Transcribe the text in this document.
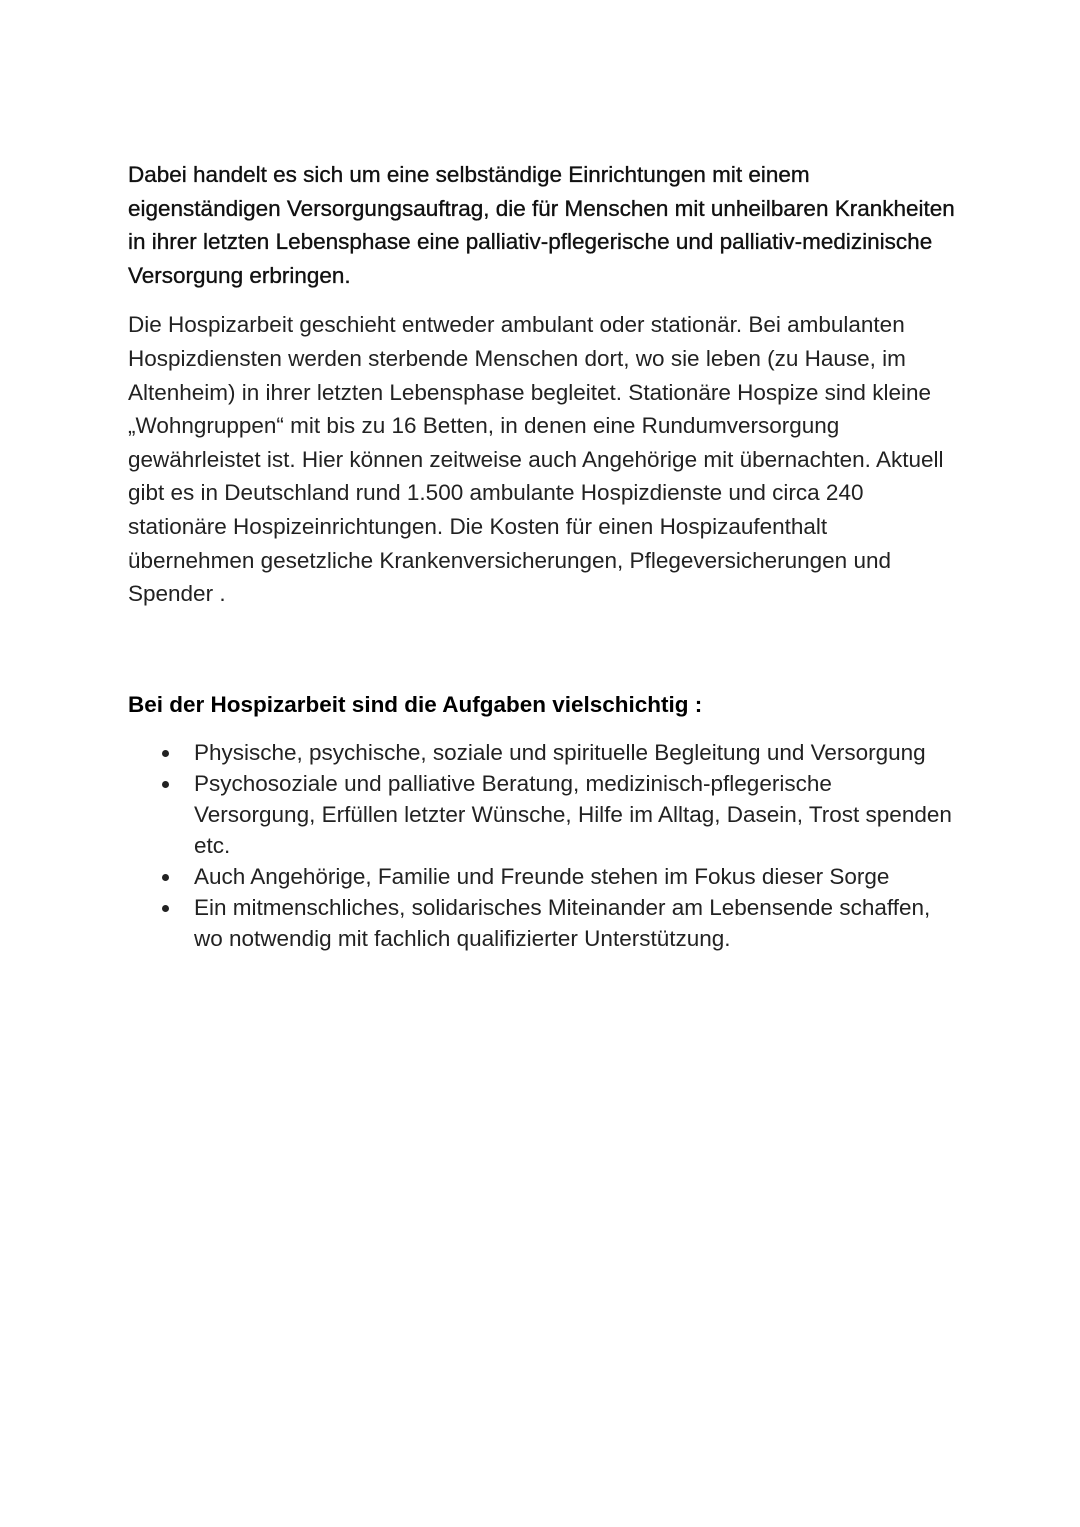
Dabei handelt es sich um eine selbständige Einrichtungen mit einem eigenständigen Versorgungsauftrag, die für Menschen mit unheilbaren Krankheiten in ihrer letzten Lebensphase eine palliativ-pflegerische und palliativ-medizinische Versorgung erbringen.

Die Hospizarbeit geschieht entweder ambulant oder stationär. Bei ambulanten Hospizdiensten werden sterbende Menschen dort, wo sie leben (zu Hause, im Altenheim) in ihrer letzten Lebensphase begleitet. Stationäre Hospize sind kleine „Wohngruppen“ mit bis zu 16 Betten, in denen eine Rundumversorgung gewährleistet ist. Hier können zeitweise auch Angehörige mit übernachten. Aktuell gibt es in Deutschland rund 1.500 ambulante Hospizdienste und circa 240 stationäre Hospizeinrichtungen. Die Kosten für einen Hospizaufenthalt übernehmen gesetzliche Krankenversicherungen, Pflegeversicherungen und Spender .

Bei der Hospizarbeit sind die Aufgaben vielschichtig :
Physische, psychische, soziale und spirituelle Begleitung und Versorgung
Psychosoziale und palliative Beratung, medizinisch-pflegerische Versorgung, Erfüllen letzter Wünsche, Hilfe im Alltag, Dasein, Trost spenden etc.
Auch Angehörige, Familie und Freunde stehen im Fokus dieser Sorge
Ein mitmenschliches, solidarisches Miteinander am Lebensende schaffen, wo notwendig mit fachlich qualifizierter Unterstützung.
